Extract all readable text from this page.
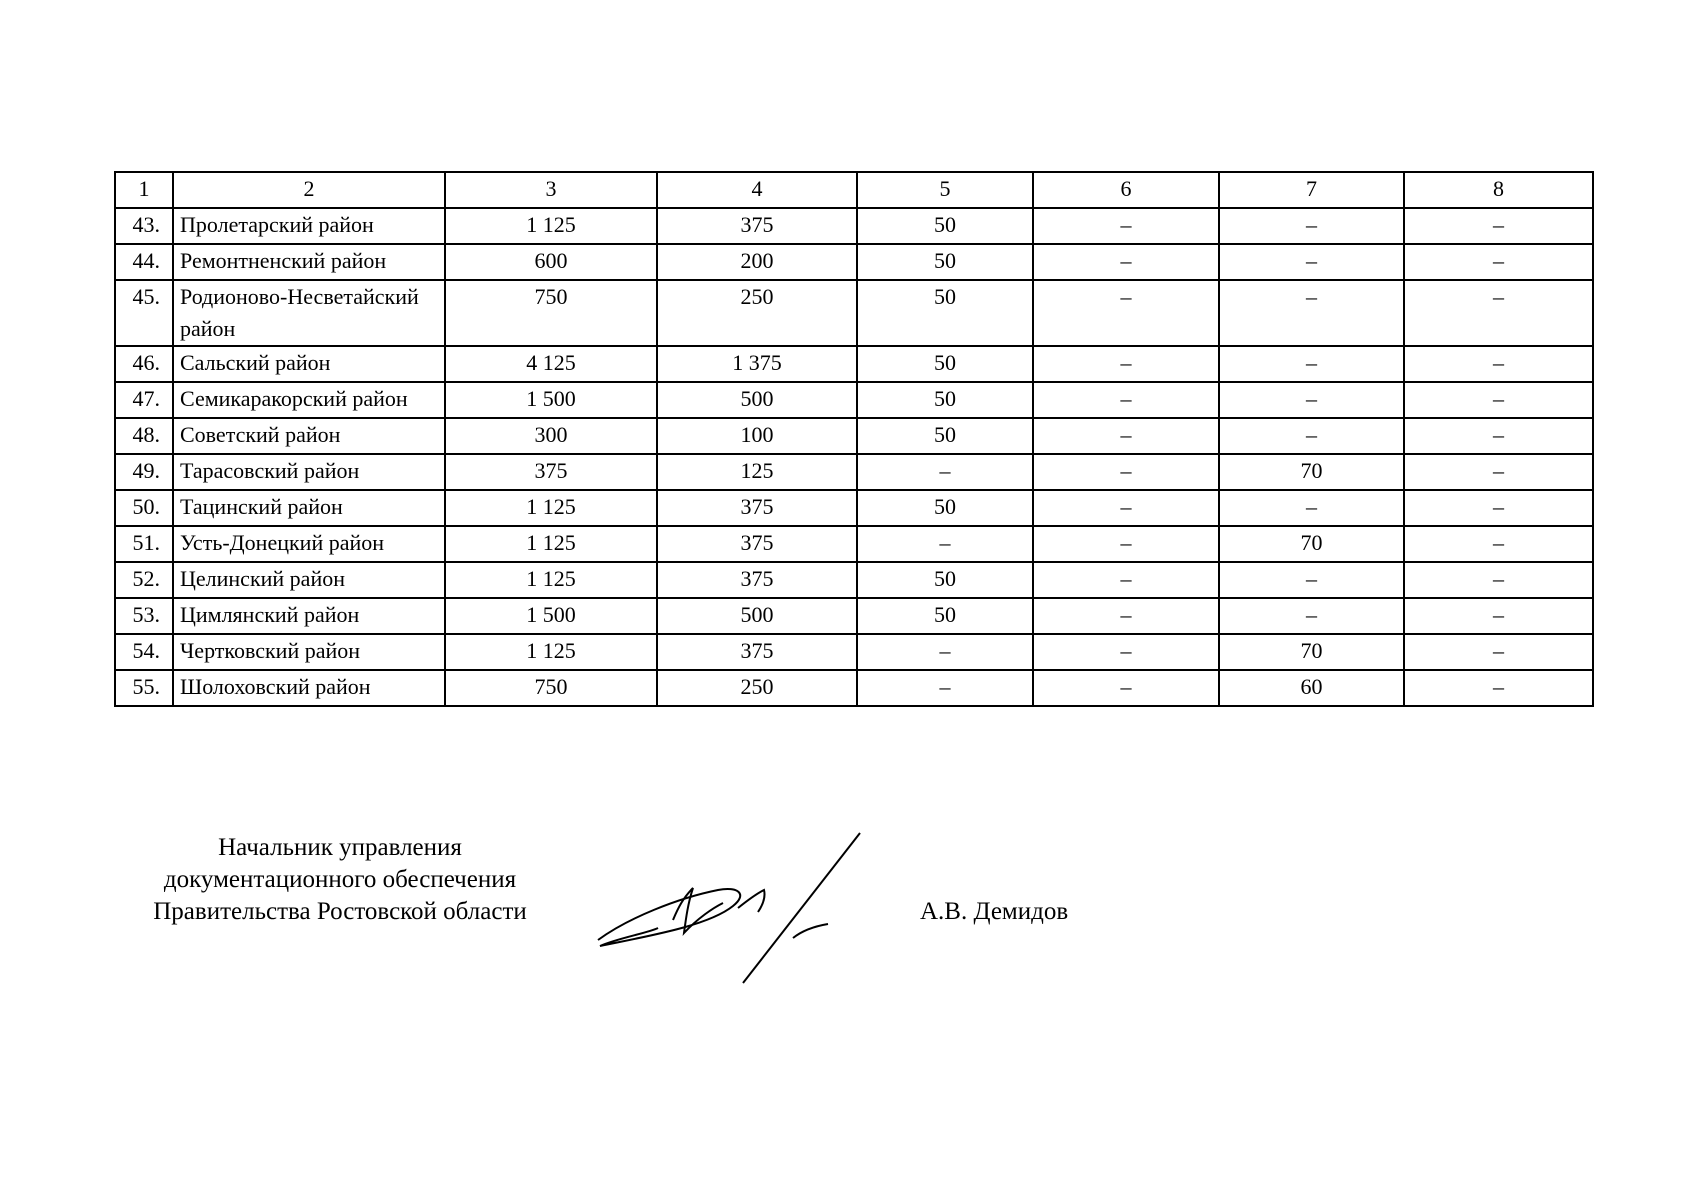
1	2	3	4	5	6	7	8
43.	Пролетарский район	1 125	375	50	–	–	–
44.	Ремонтненский район	600	200	50	–	–	–
45.	Родионово-Несветайский район	750	250	50	–	–	–
46.	Сальский район	4 125	1 375	50	–	–	–
47.	Семикаракорский район	1 500	500	50	–	–	–
48.	Советский район	300	100	50	–	–	–
49.	Тарасовский район	375	125	–	–	70	–
50.	Тацинский район	1 125	375	50	–	–	–
51.	Усть-Донецкий район	1 125	375	–	–	70	–
52.	Целинский район	1 125	375	50	–	–	–
53.	Цимлянский район	1 500	500	50	–	–	–
54.	Чертковский район	1 125	375	–	–	70	–
55.	Шолоховский район	750	250	–	–	60	–
Начальник управления
документационного обеспечения
Правительства Ростовской области	А.В. Демидов
